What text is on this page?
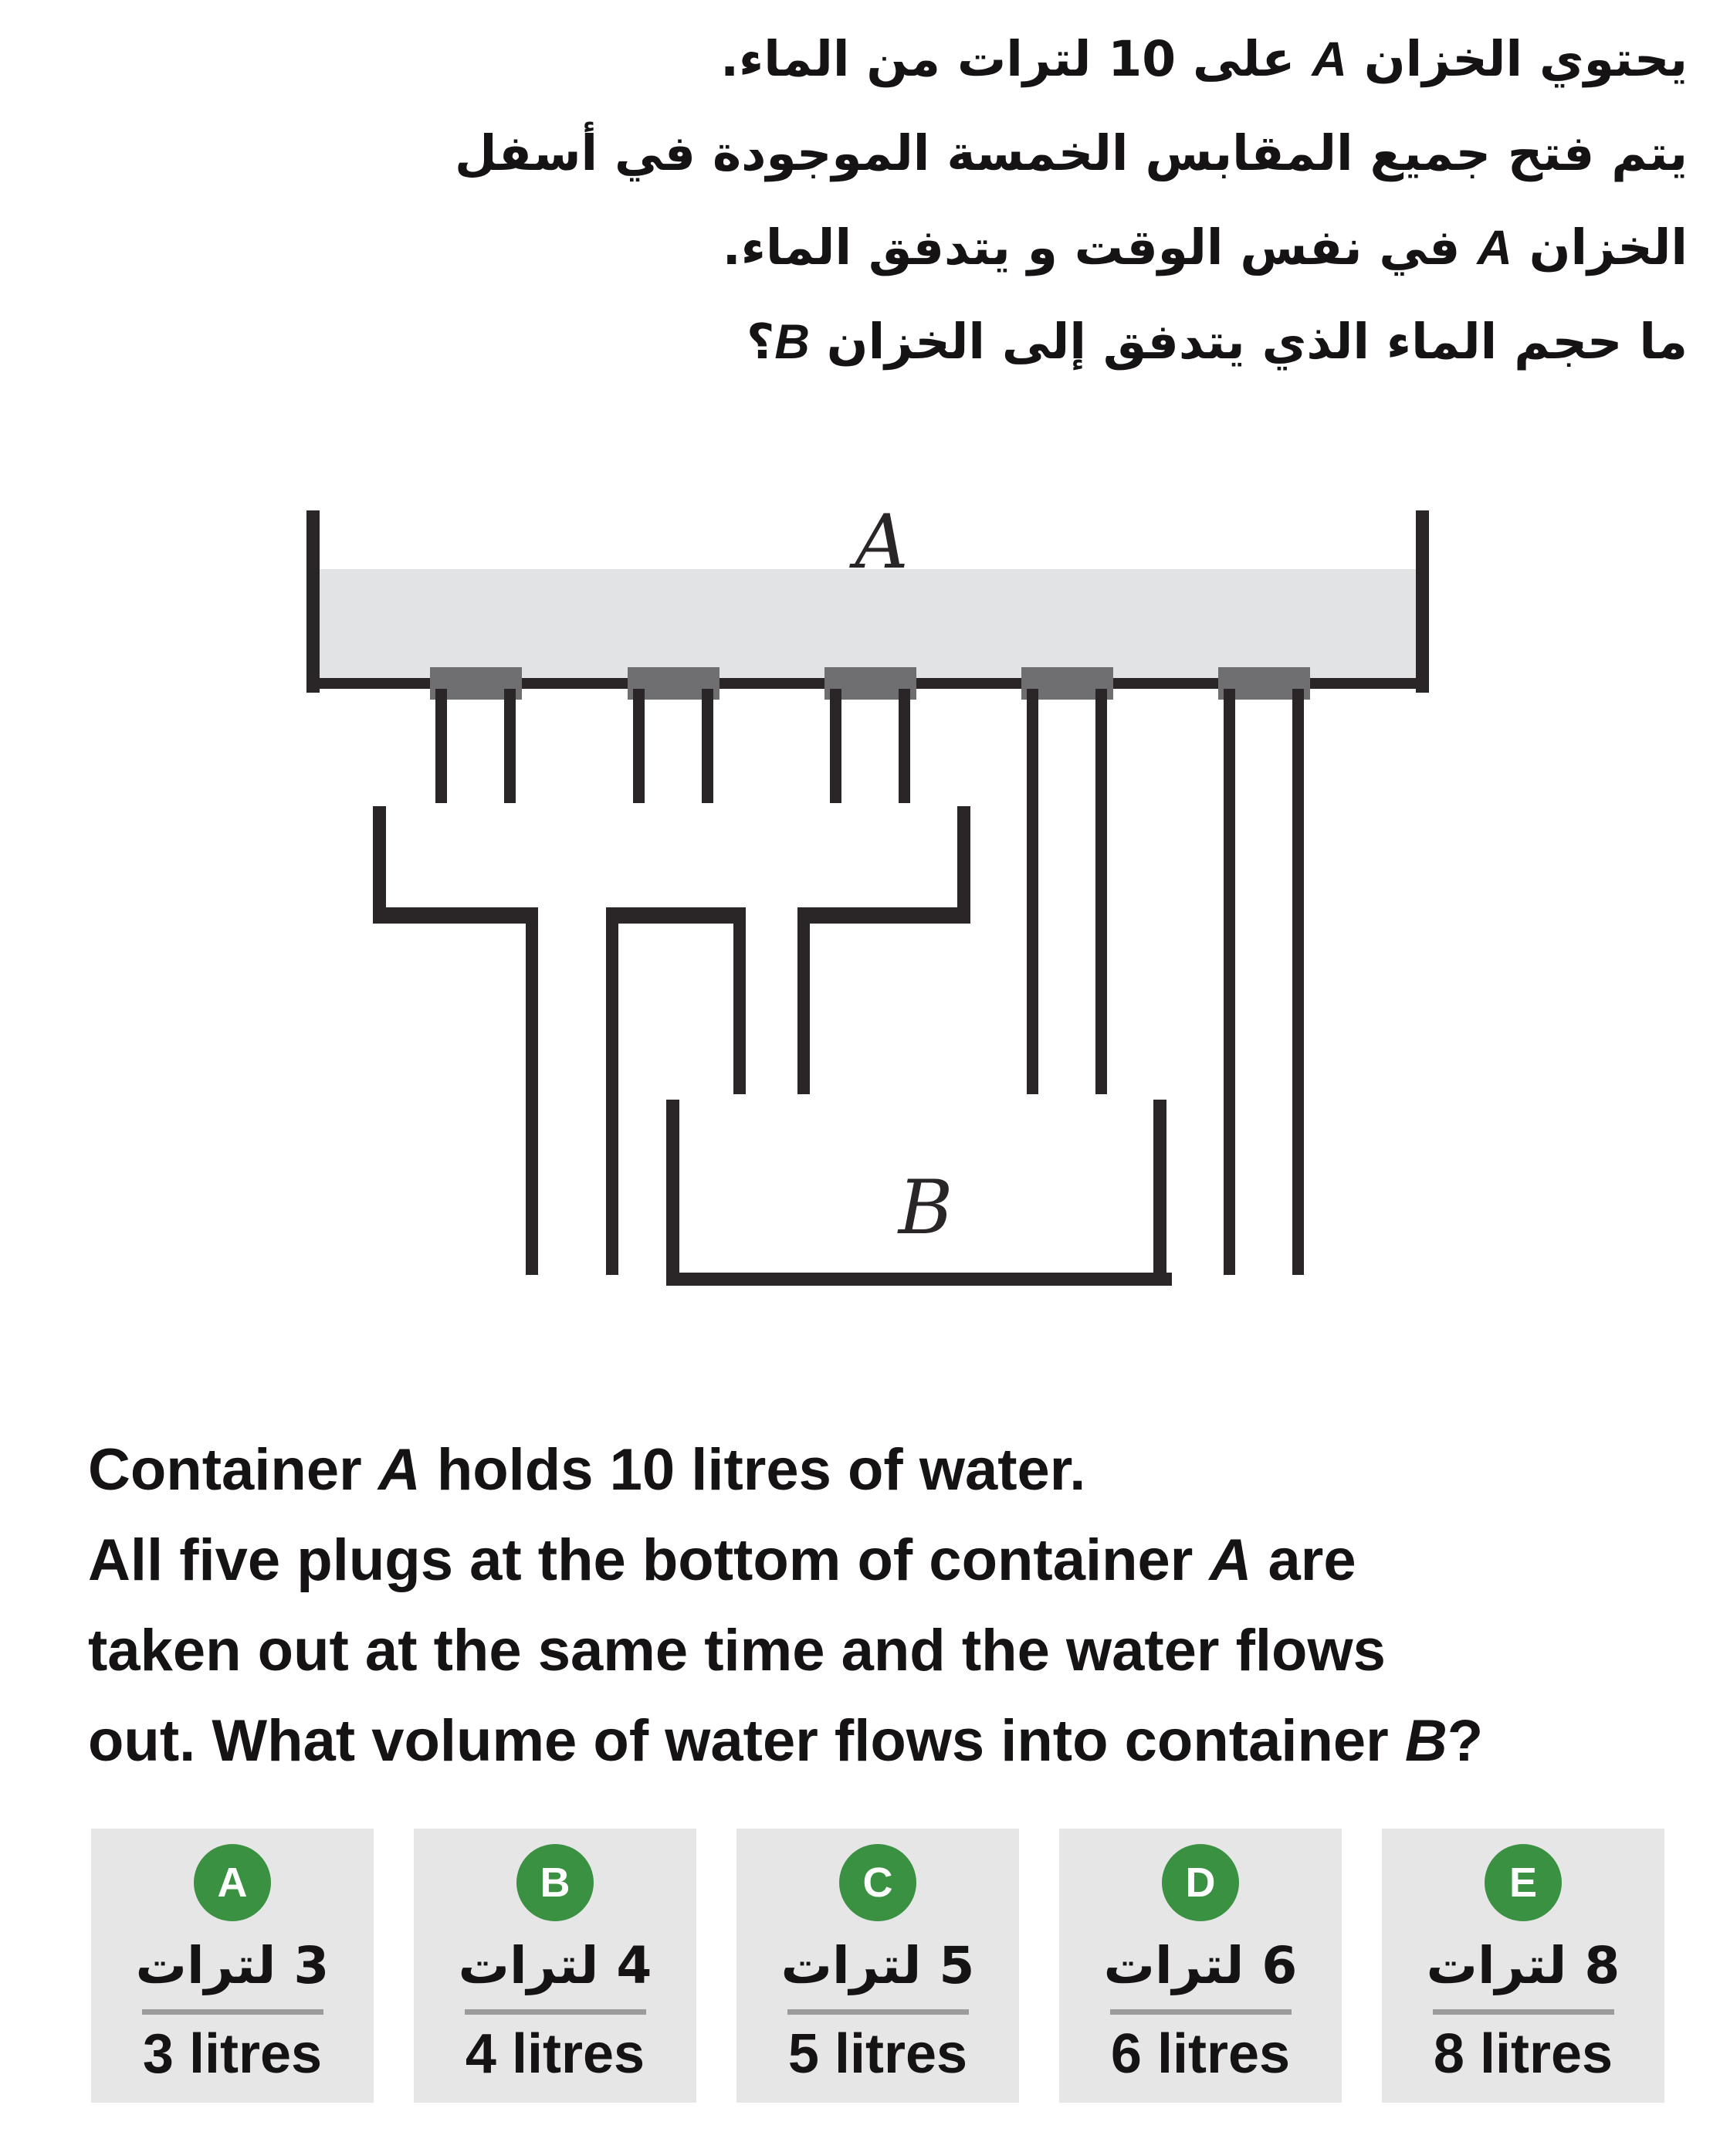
يحتوي الخزان A على 10 لترات من الماء.
يتم فتح جميع المقابس الخمسة الموجودة في أسفل
الخزان A في نفس الوقت و يتدفق الماء.
ما حجم الماء الذي يتدفق إلى الخزان B؟
A
B
Container A holds 10 litres of water.
All five plugs at the bottom of container A are
taken out at the same time and the water flows
out. What volume of water flows into container B?
A
3 لترات
3 litres
B
4 لترات
4 litres
C
5 لترات
5 litres
D
6 لترات
6 litres
E
8 لترات
8 litres
